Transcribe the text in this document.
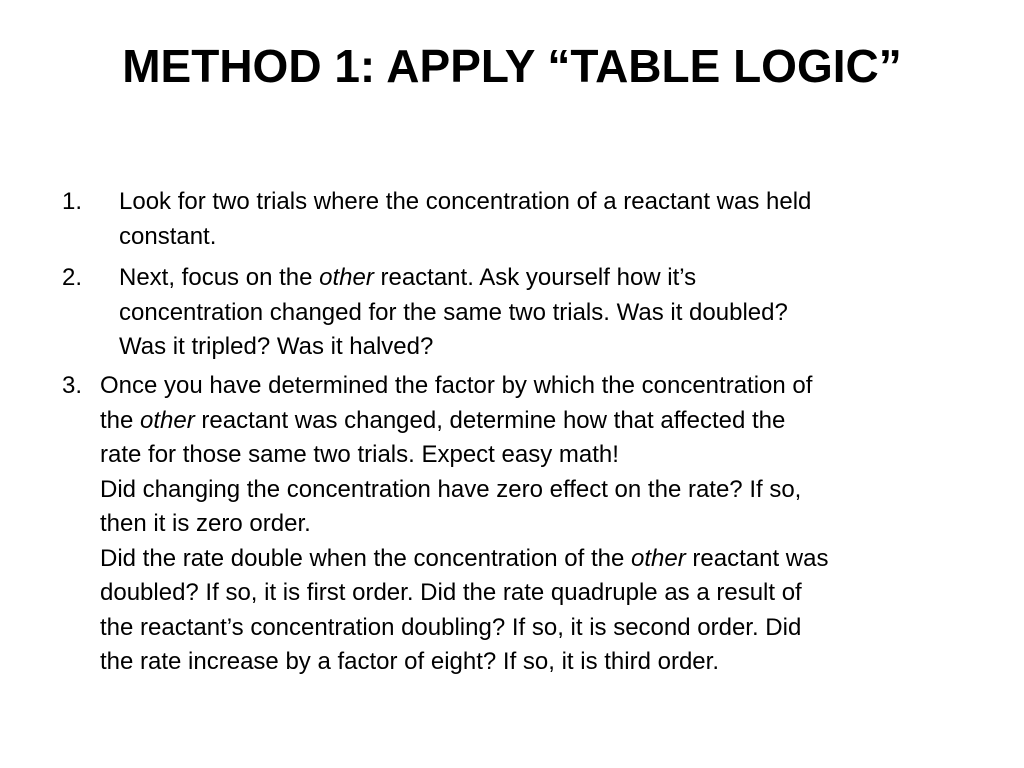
METHOD 1: APPLY “TABLE LOGIC”
1. Look for two trials where the concentration of a reactant was held
constant.
2. Next, focus on the other reactant. Ask yourself how it’s
concentration changed for the same two trials. Was it doubled?
Was it tripled? Was it halved?
3. Once you have determined the factor by which the concentration of
the other reactant was changed, determine how that affected the
rate for those same two trials. Expect easy math!
Did changing the concentration have zero effect on the rate? If so,
then it is zero order.
Did the rate double when the concentration of the other reactant was
doubled? If so, it is first order. Did the rate quadruple as a result of
the reactant’s concentration doubling? If so, it is second order. Did
the rate increase by a factor of eight? If so, it is third order.
